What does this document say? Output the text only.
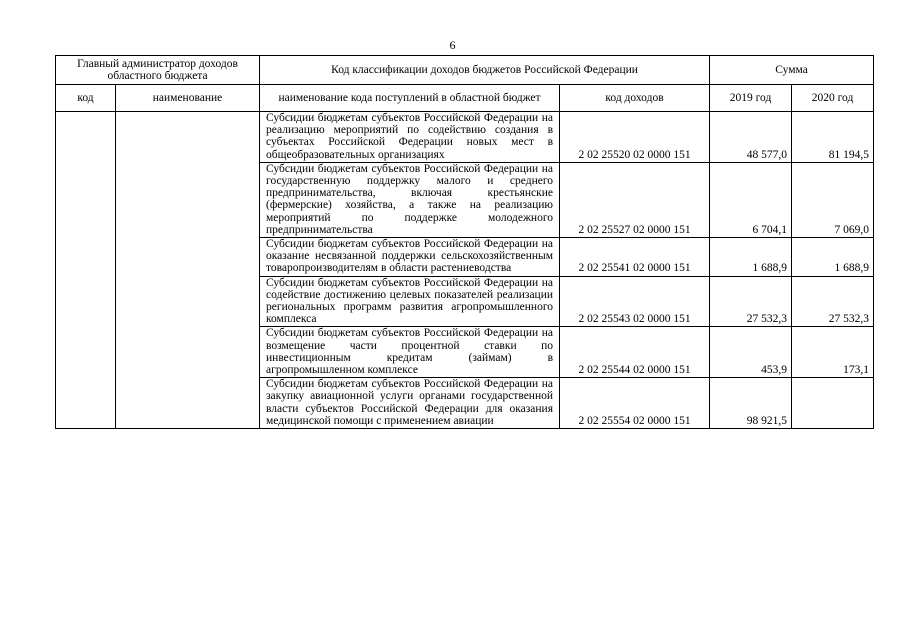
6
Главный администратор доходов областного бюджета		Код классификации доходов бюджетов Российской Федерации		Сумма	
код	наименование	наименование кода поступлений в областной бюджет	код доходов	2019 год	2020 год
		Субсидии бюджетам субъектов Российской Федерации на реализацию мероприятий по содействию создания в субъектах Российской Федерации новых мест в общеобразовательных организациях	2 02 25520 02 0000 151	48 577,0	81 194,5
		Субсидии бюджетам субъектов Российской Федерации на государственную поддержку малого и среднего предпринимательства, включая крестьянские (фермерские) хозяйства, а также на реализацию мероприятий по поддержке молодежного предпринимательства	2 02 25527 02 0000 151	6 704,1	7 069,0
		Субсидии бюджетам субъектов Российской Федерации на оказание несвязанной поддержки сельскохозяйственным товаропроизводителям в области растениеводства	2 02 25541 02 0000 151	1 688,9	1 688,9
		Субсидии бюджетам субъектов Российской Федерации на содействие достижению целевых показателей реализации региональных программ развития агропромышленного комплекса	2 02 25543 02 0000 151	27 532,3	27 532,3
		Субсидии бюджетам субъектов Российской Федерации на возмещение части процентной ставки по инвестиционным кредитам (займам) в агропромышленном комплексе	2 02 25544 02 0000 151	453,9	173,1
		Субсидии бюджетам субъектов Российской Федерации на закупку авиационной услуги органами государственной власти субъектов Российской Федерации для оказания медицинской помощи с применением авиации	2 02 25554 02 0000 151	98 921,5	
